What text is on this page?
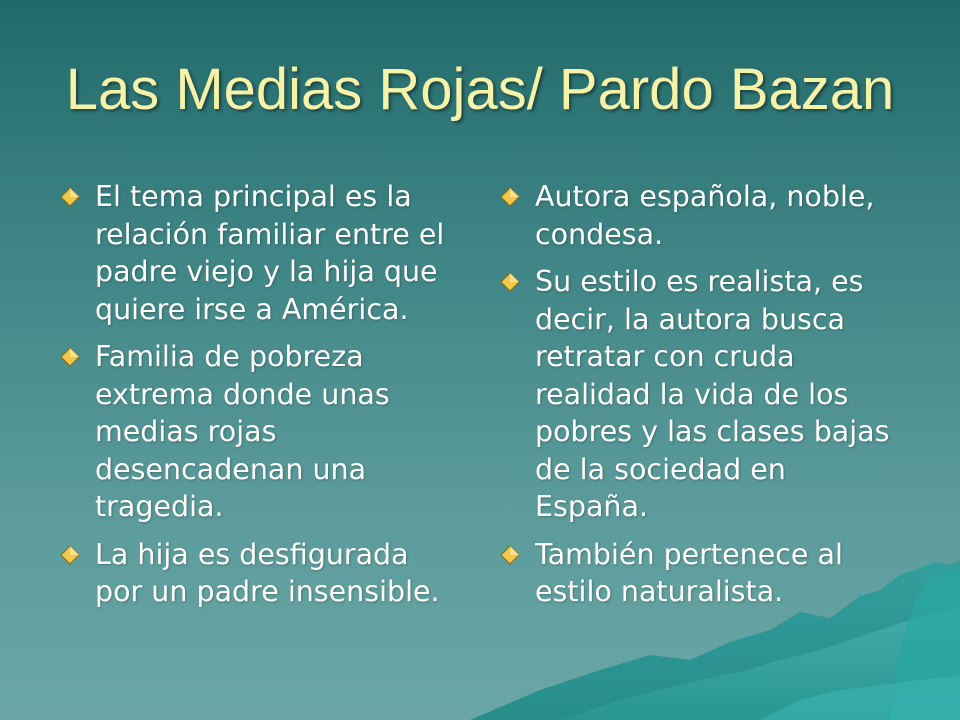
Las Medias Rojas/ Pardo Bazan
El tema principal es la relación familiar entre el padre viejo y la hija que quiere irse a América.
Familia de pobreza extrema donde unas medias rojas desencadenan una tragedia.
La hija es desfigurada por un padre insensible.
Autora española, noble, condesa.
Su estilo es realista, es decir, la autora busca retratar con cruda realidad la vida de los pobres y las clases bajas de la sociedad en España.
También pertenece al estilo naturalista.
